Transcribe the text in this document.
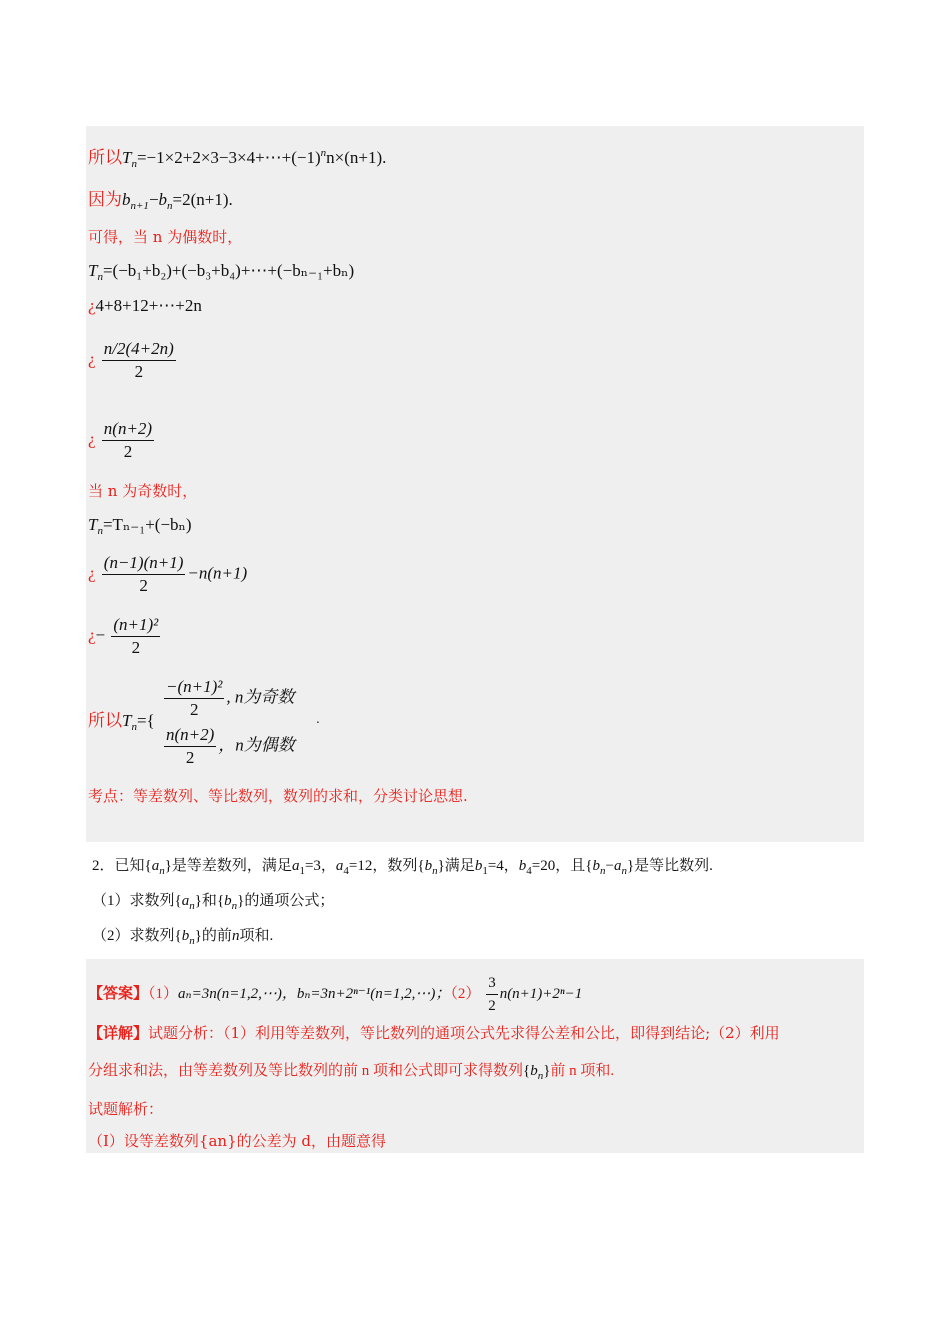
所以$T_n=-1\times 2+2\times 3-3\times 4+\cdots+(-1)^nn\times(n+1)$.
因为$b_{n+1}-b_n=2(n+1)$.
可得，当 n 为偶数时，
$T_n=(-b_1+b_2)+(-b_3+b_4)+\cdots+(-b_{n-1}+b_n)$
¿4+8+12+⋯+2n
¿ $\frac{n/2(4+2n)}{2}$
¿ $\frac{n(n+2)}{2}$
当 n 为奇数时，
$T_n=T_{n-1}+(-b_n)$
¿ $\frac{(n-1)(n+1)}{2} -n(n+1)$
¿− $\frac{\text{(n+1)²}}{2}$
所以$T_n=\{ \frac{\text{−(n+1)²}}{2}$ , n为奇数
$\frac{n(n+2)}{2}$ ，n为偶数
.
考点：等差数列、等比数列，数列的求和，分类讨论思想.
2．已知$\{a_n\}$是等差数列，满足$a_1=3$，$a_4=12$，数列$\{b_n\}$满足$b_1=4$，$b_4=20$，且$\{b_n-a_n\}$是等比数列.
（1）求数列$\{a_n\}$和$\{b_n\}$的通项公式；
（2）求数列$\{b_n\}$的前n项和.
【答案】（1）aₙ=3n(n=1,2,⋯)，bₙ=3n+2ⁿ⁻¹(n=1,2,⋯)；$(2) \frac{3}{2} n(n+1)+2^n-1$
【详解】试题分析：（1）利用等差数列，等比数列的通项公式先求得公差和公比，即得到结论;（2）利用
分组求和法，由等差数列及等比数列的前 n 项和公式即可求得数列$\{b_n\}$前 n 项和.
试题解析：
（Ⅰ）设等差数列{an}的公差为 d，由题意得
